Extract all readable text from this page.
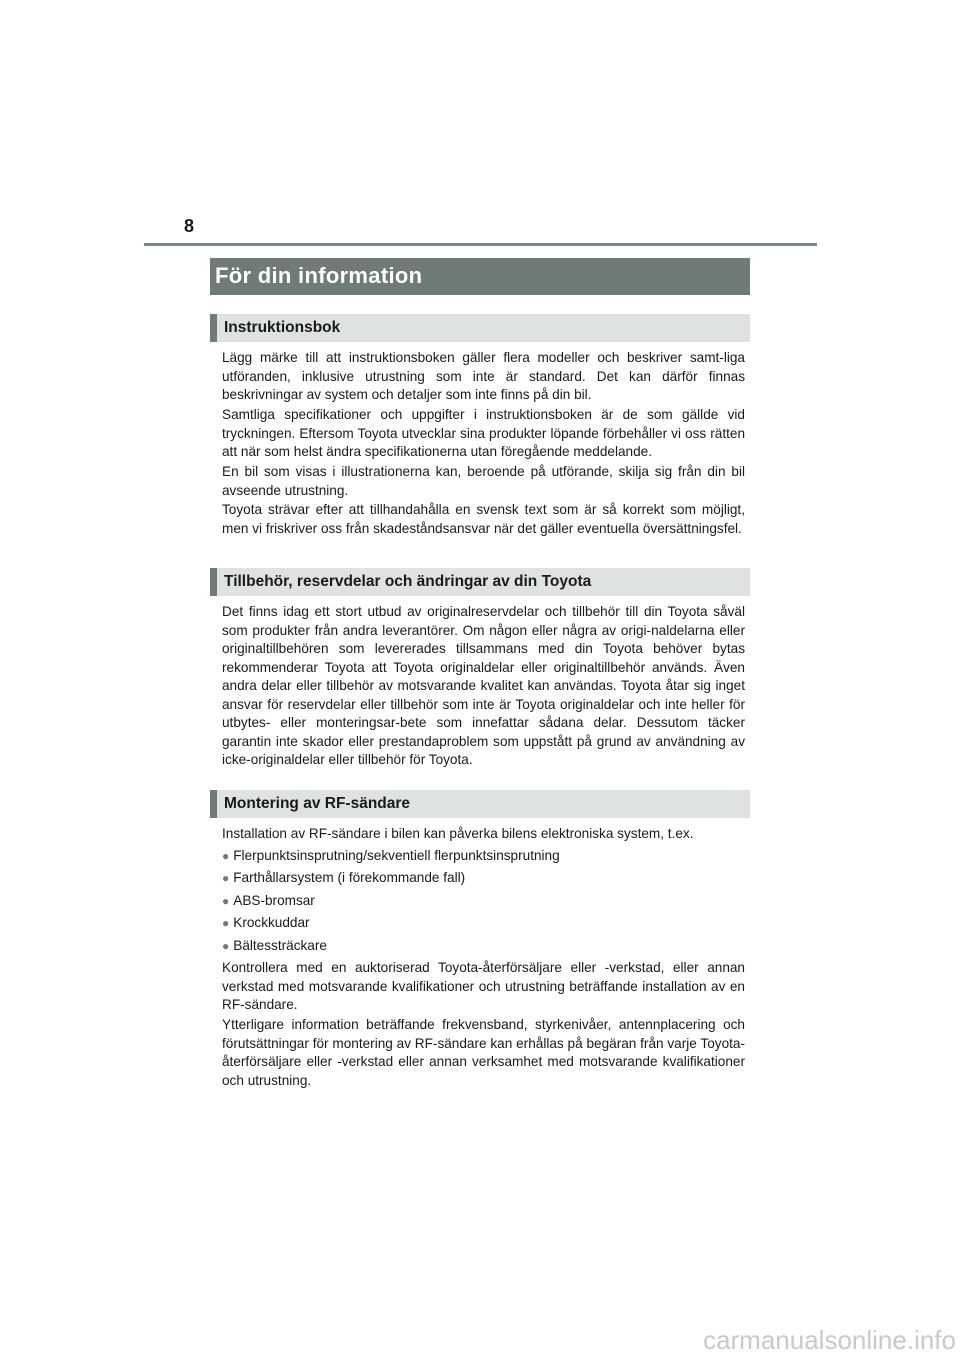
8
För din information
Instruktionsbok
Lägg märke till att instruktionsboken gäller flera modeller och beskriver samt-liga utföranden, inklusive utrustning som inte är standard. Det kan därför finnas beskrivningar av system och detaljer som inte finns på din bil.
Samtliga specifikationer och uppgifter i instruktionsboken är de som gällde vid tryckningen. Eftersom Toyota utvecklar sina produkter löpande förbehåller vi oss rätten att när som helst ändra specifikationerna utan föregående meddelande.
En bil som visas i illustrationerna kan, beroende på utförande, skilja sig från din bil avseende utrustning.
Toyota strävar efter att tillhandahålla en svensk text som är så korrekt som möjligt, men vi friskriver oss från skadeståndsansvar när det gäller eventuella översättningsfel.
Tillbehör, reservdelar och ändringar av din Toyota
Det finns idag ett stort utbud av originalreservdelar och tillbehör till din Toyota såväl som produkter från andra leverantörer. Om någon eller några av origi-naldelarna eller originaltillbehören som levererades tillsammans med din Toyota behöver bytas rekommenderar Toyota att Toyota originaldelar eller originaltillbehör används. Även andra delar eller tillbehör av motsvarande kvalitet kan användas. Toyota åtar sig inget ansvar för reservdelar eller tillbehör som inte är Toyota originaldelar och inte heller för utbytes- eller monteringsar-bete som innefattar sådana delar. Dessutom täcker garantin inte skador eller prestandaproblem som uppstått på grund av användning av icke-originaldelar eller tillbehör för Toyota.
Montering av RF-sändare
Installation av RF-sändare i bilen kan påverka bilens elektroniska system, t.ex.
● Flerpunktsinsprutning/sekventiell flerpunktsinsprutning
● Farthållarsystem (i förekommande fall)
● ABS-bromsar
● Krockkuddar
● Bältessträckare
Kontrollera med en auktoriserad Toyota-återförsäljare eller -verkstad, eller annan verkstad med motsvarande kvalifikationer och utrustning beträffande installation av en RF-sändare.
Ytterligare information beträffande frekvensband, styrkenivåer, antennplacering och förutsättningar för montering av RF-sändare kan erhållas på begäran från varje Toyota-återförsäljare eller -verkstad eller annan verksamhet med motsvarande kvalifikationer och utrustning.
carmanualsonline.info
